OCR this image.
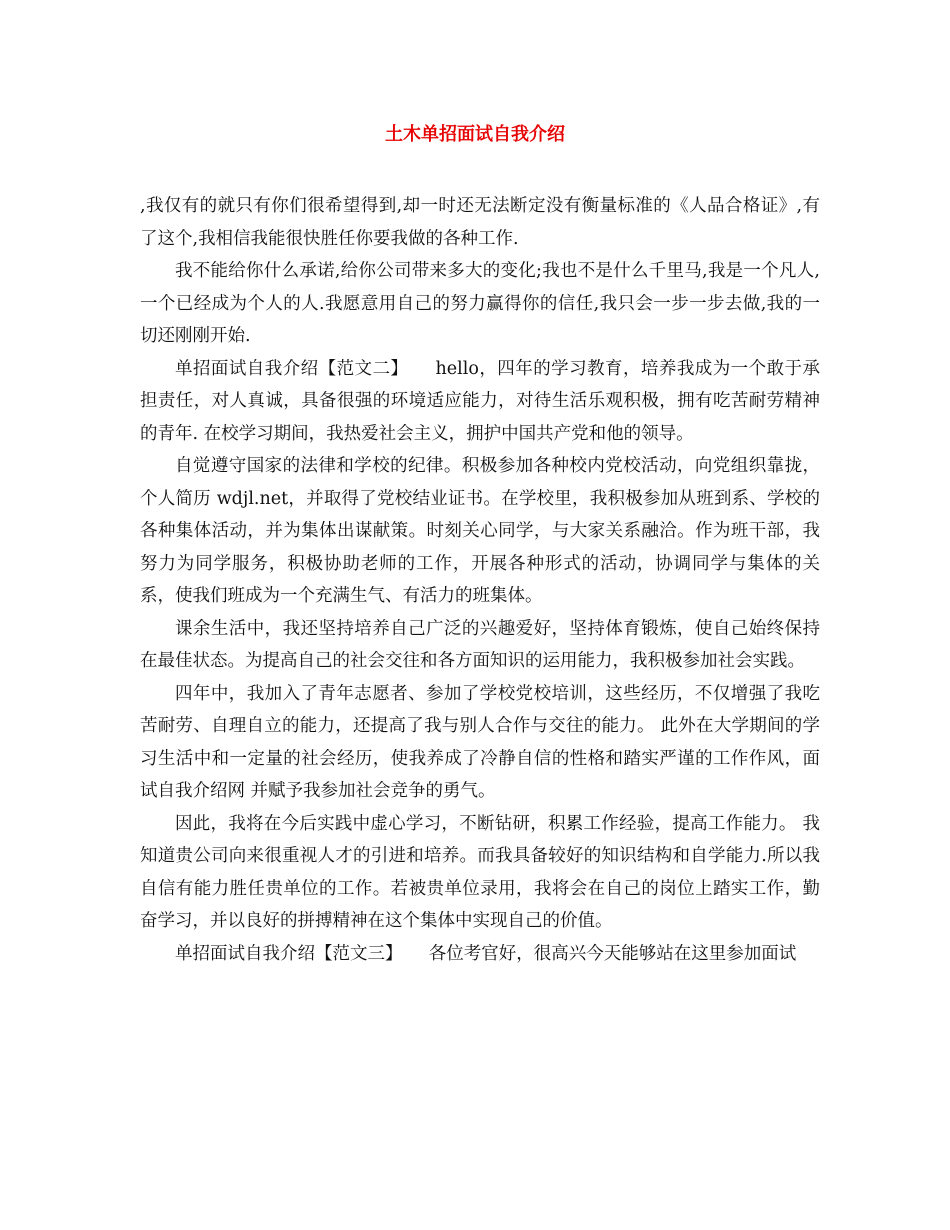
土木单招面试自我介绍

,我仅有的就只有你们很希望得到,却一时还无法断定没有衡量标准的《人品合格证》,有了这个,我相信我能很快胜任你要我做的各种工作.

我不能给你什么承诺,给你公司带来多大的变化;我也不是什么千里马,我是一个凡人,一个已经成为个人的人.我愿意用自己的努力赢得你的信任,我只会一步一步去做,我的一切还刚刚开始.

单招面试自我介绍【范文二】　　hello，四年的学习教育，培养我成为一个敢于承担责任，对人真诚，具备很强的环境适应能力，对待生活乐观积极，拥有吃苦耐劳精神的青年. 在校学习期间，我热爱社会主义，拥护中国共产党和他的领导。

自觉遵守国家的法律和学校的纪律。积极参加各种校内党校活动，向党组织靠拢，个人简历 wdjl.net，并取得了党校结业证书。在学校里，我积极参加从班到系、学校的各种集体活动，并为集体出谋献策。时刻关心同学，与大家关系融洽。作为班干部，我努力为同学服务，积极协助老师的工作，开展各种形式的活动，协调同学与集体的关系，使我们班成为一个充满生气、有活力的班集体。

课余生活中，我还坚持培养自己广泛的兴趣爱好，坚持体育锻炼，使自己始终保持在最佳状态。为提高自己的社会交往和各方面知识的运用能力，我积极参加社会实践。

四年中，我加入了青年志愿者、参加了学校党校培训，这些经历，不仅增强了我吃苦耐劳、自理自立的能力，还提高了我与别人合作与交往的能力。 此外在大学期间的学习生活中和一定量的社会经历，使我养成了冷静自信的性格和踏实严谨的工作作风，面试自我介绍网 并赋予我参加社会竞争的勇气。

因此，我将在今后实践中虚心学习，不断钻研，积累工作经验，提高工作能力。 我知道贵公司向来很重视人才的引进和培养。而我具备较好的知识结构和自学能力.所以我自信有能力胜任贵单位的工作。若被贵单位录用，我将会在自己的岗位上踏实工作，勤奋学习，并以良好的拼搏精神在这个集体中实现自己的价值。

单招面试自我介绍【范文三】　　各位考官好，很高兴今天能够站在这里参加面试
